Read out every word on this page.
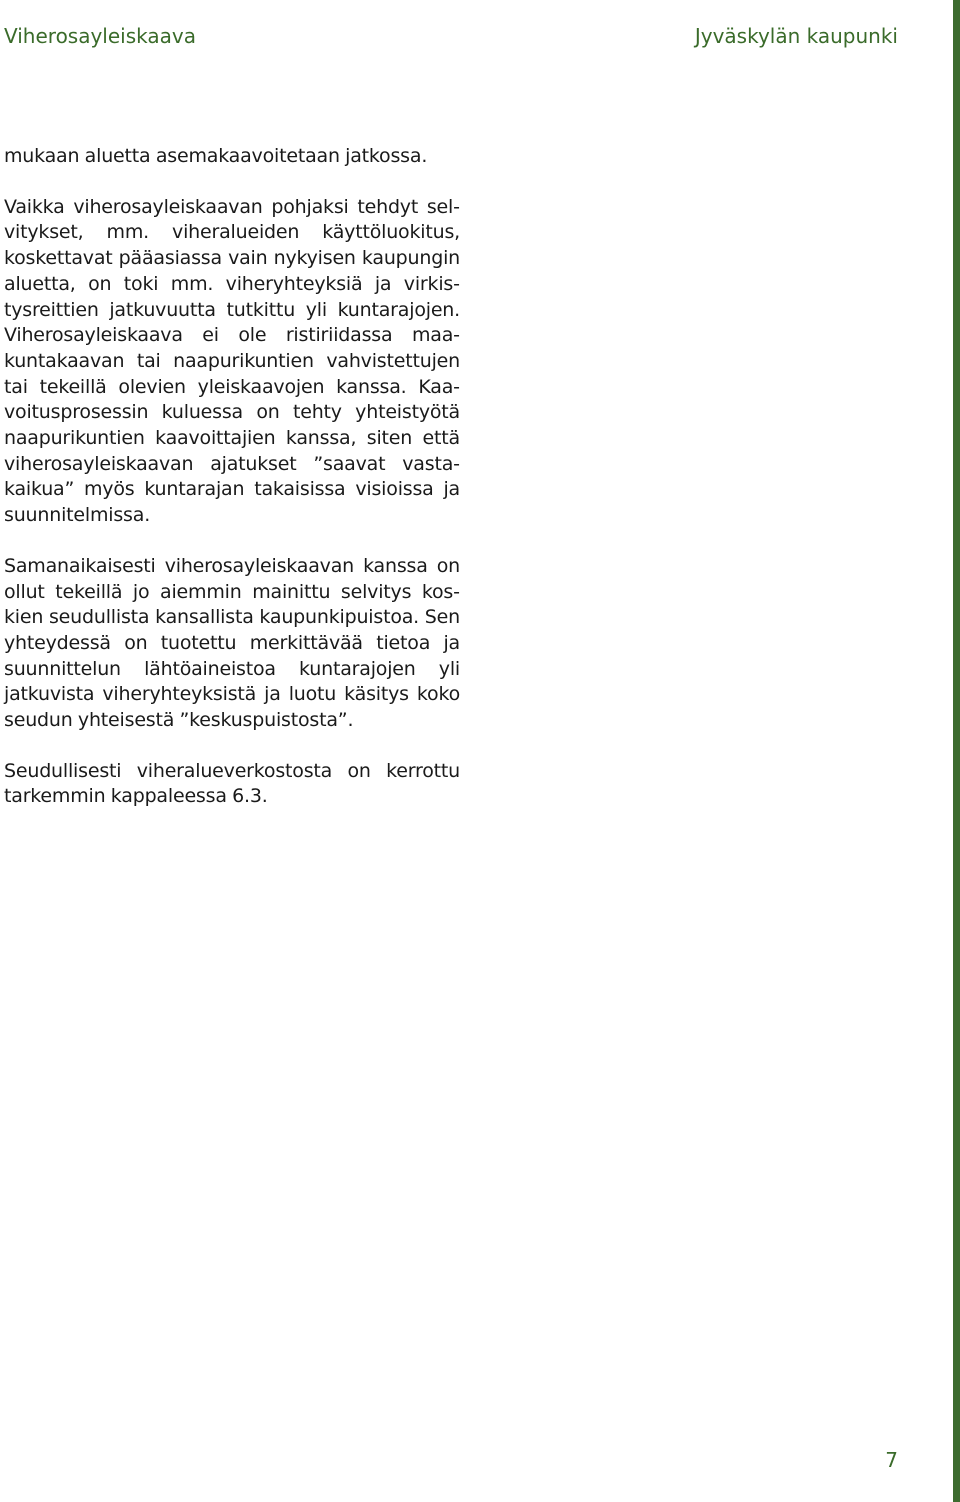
Viherosayleiskaava	Jyväskylän kaupunki

mukaan aluetta asemakaavoitetaan jatkossa.

Vaikka viherosayleiskaavan pohjaksi tehdyt selvitykset, mm. viheralueiden käyttöluokitus, koskettavat pääasiassa vain nykyisen kaupungin aluetta, on toki mm. viheryhteyksiä ja virkistysreittien jatkuvuutta tutkittu yli kuntarajojen. Viherosayleiskaava ei ole ristiriidassa maakuntakaavan tai naapurikuntien vahvistettujen tai tekeillä olevien yleiskaavojen kanssa. Kaavoitusprosessin kuluessa on tehty yhteistyötä naapurikuntien kaavoittajien kanssa, siten että viherosayleiskaavan ajatukset ”saavat vastakaikua” myös kuntarajan takaisissa visioissa ja suunnitelmissa.

Samanaikaisesti viherosayleiskaavan kanssa on ollut tekeillä jo aiemmin mainittu selvitys koskien seudullista kansallista kaupunkipuistoa. Sen yhteydessä on tuotettu merkittävää tietoa ja suunnittelun lähtöaineistoa kuntarajojen yli jatkuvista viheryhteyksistä ja luotu käsitys koko seudun yhteisestä ”keskuspuistosta”.

Seudullisesti viheralueverkostosta on kerrottu tarkemmin kappaleessa 6.3.

7
